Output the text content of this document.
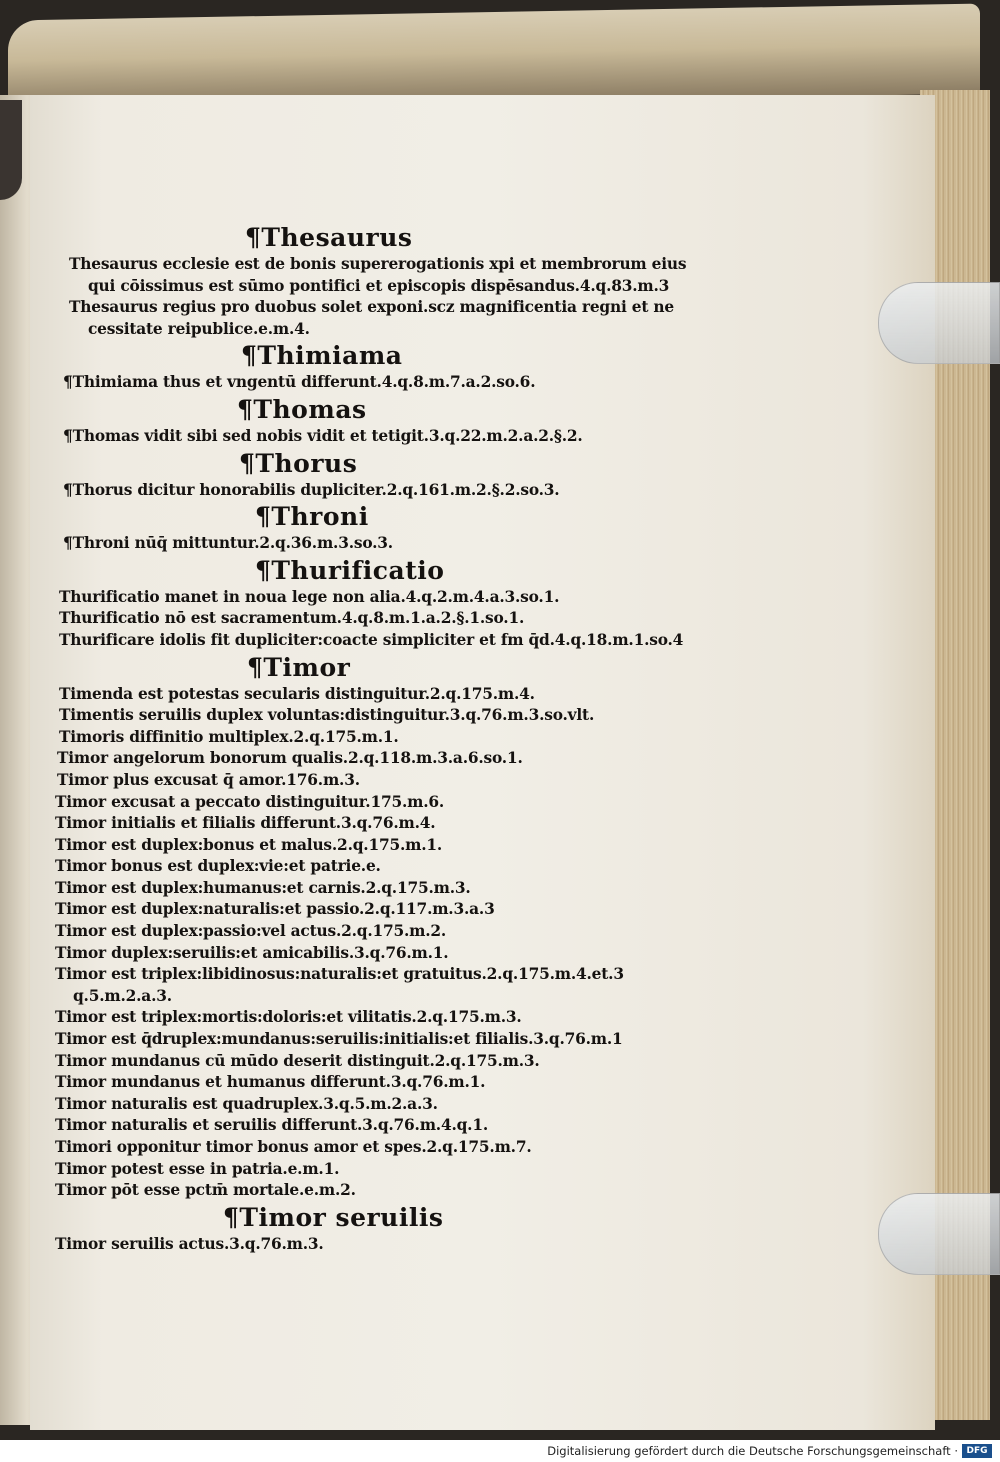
¶Thesaurus
Thesaurus ecclesie est de bonis supererogationis xpi et membrorum eius
qui cōissimus est sūmo pontifici et episcopis dispēsandus.4.q.83.m.3
Thesaurus regius pro duobus solet exponi.scz magnificentia regni et ne
cessitate reipublice.e.m.4.
¶Thimiama
¶Thimiama thus et vngentū differunt.4.q.8.m.7.a.2.so.6.
¶Thomas
¶Thomas vidit sibi sed nobis vidit et tetigit.3.q.22.m.2.a.2.§.2.
¶Thorus
¶Thorus dicitur honorabilis dupliciter.2.q.161.m.2.§.2.so.3.
¶Throni
¶Throni nūq̄ mittuntur.2.q.36.m.3.so.3.
¶Thurificatio
Thurificatio manet in noua lege non alia.4.q.2.m.4.a.3.so.1.
Thurificatio nō est sacramentum.4.q.8.m.1.a.2.§.1.so.1.
Thurificare idolis fit dupliciter:coacte simpliciter et fm q̄d.4.q.18.m.1.so.4
¶Timor
Timenda est potestas secularis distinguitur.2.q.175.m.4.
Timentis seruilis duplex voluntas:distinguitur.3.q.76.m.3.so.vlt.
Timoris diffinitio multiplex.2.q.175.m.1.
Timor angelorum bonorum qualis.2.q.118.m.3.a.6.so.1.
Timor plus excusat q̄ amor.176.m.3.
Timor excusat a peccato distinguitur.175.m.6.
Timor initialis et filialis differunt.3.q.76.m.4.
Timor est duplex:bonus et malus.2.q.175.m.1.
Timor bonus est duplex:vie:et patrie.e.
Timor est duplex:humanus:et carnis.2.q.175.m.3.
Timor est duplex:naturalis:et passio.2.q.117.m.3.a.3
Timor est duplex:passio:vel actus.2.q.175.m.2.
Timor duplex:seruilis:et amicabilis.3.q.76.m.1.
Timor est triplex:libidinosus:naturalis:et gratuitus.2.q.175.m.4.et.3
q.5.m.2.a.3.
Timor est triplex:mortis:doloris:et vilitatis.2.q.175.m.3.
Timor est q̄druplex:mundanus:seruilis:initialis:et filialis.3.q.76.m.1
Timor mundanus cū mūdo deserit distinguit.2.q.175.m.3.
Timor mundanus et humanus differunt.3.q.76.m.1.
Timor naturalis est quadruplex.3.q.5.m.2.a.3.
Timor naturalis et seruilis differunt.3.q.76.m.4.q.1.
Timori opponitur timor bonus amor et spes.2.q.175.m.7.
Timor potest esse in patria.e.m.1.
Timor pōt esse pctm̄ mortale.e.m.2.
¶Timor seruilis
Timor seruilis actus.3.q.76.m.3.
Digitalisierung gefördert durch die Deutsche Forschungsgemeinschaft · DFG
